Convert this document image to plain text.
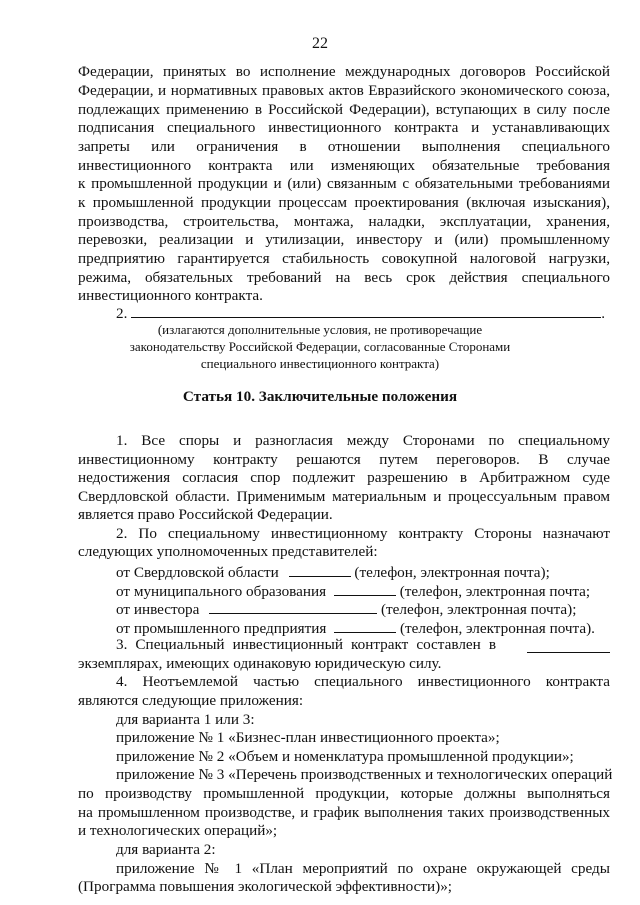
22
Федерации, принятых во исполнение международных договоров Российской
Федерации, и нормативных правовых актов Евразийского экономического союза,
подлежащих применению в Российской Федерации), вступающих в силу после
подписания специального инвестиционного контракта и устанавливающих
запреты или ограничения в отношении выполнения специального
инвестиционного контракта или изменяющих обязательные требования
к промышленной продукции и (или) связанным с обязательными требованиями
к промышленной продукции процессам проектирования (включая изыскания),
производства, строительства, монтажа, наладки, эксплуатации, хранения,
перевозки, реализации и утилизации, инвестору и (или) промышленному
предприятию гарантируется стабильность совокупной налоговой нагрузки,
режима, обязательных требований на весь срок действия специального
инвестиционного контракта.
2.	.
(излагаются дополнительные условия, не противоречащие
законодательству Российской Федерации, согласованные Сторонами
специального инвестиционного контракта)
Статья 10. Заключительные положения
1. Все споры и разногласия между Сторонами по специальному
инвестиционному контракту решаются путем переговоров. В случае
недостижения согласия спор подлежит разрешению в Арбитражном суде
Свердловской области. Применимым материальным и процессуальным правом
является право Российской Федерации.
2. По специальному инвестиционному контракту Стороны назначают
следующих уполномоченных представителей:
от Свердловской области	(телефон, электронная почта);
от муниципального образования	(телефон, электронная почта;
от инвестора	(телефон, электронная почта);
от промышленного предприятия	(телефон, электронная почта).
3. Специальный инвестиционный контракт составлен в
экземплярах, имеющих одинаковую юридическую силу.
4. Неотъемлемой частью специального инвестиционного контракта
являются следующие приложения:
для варианта 1 или 3:
приложение № 1 «Бизнес-план инвестиционного проекта»;
приложение № 2 «Объем и номенклатура промышленной продукции»;
приложение № 3 «Перечень производственных и технологических операций
по производству промышленной продукции, которые должны выполняться
на промышленном производстве, и график выполнения таких производственных
и технологических операций»;
для варианта 2:
приложение № 1 «План мероприятий по охране окружающей среды
(Программа повышения экологической эффективности)»;
